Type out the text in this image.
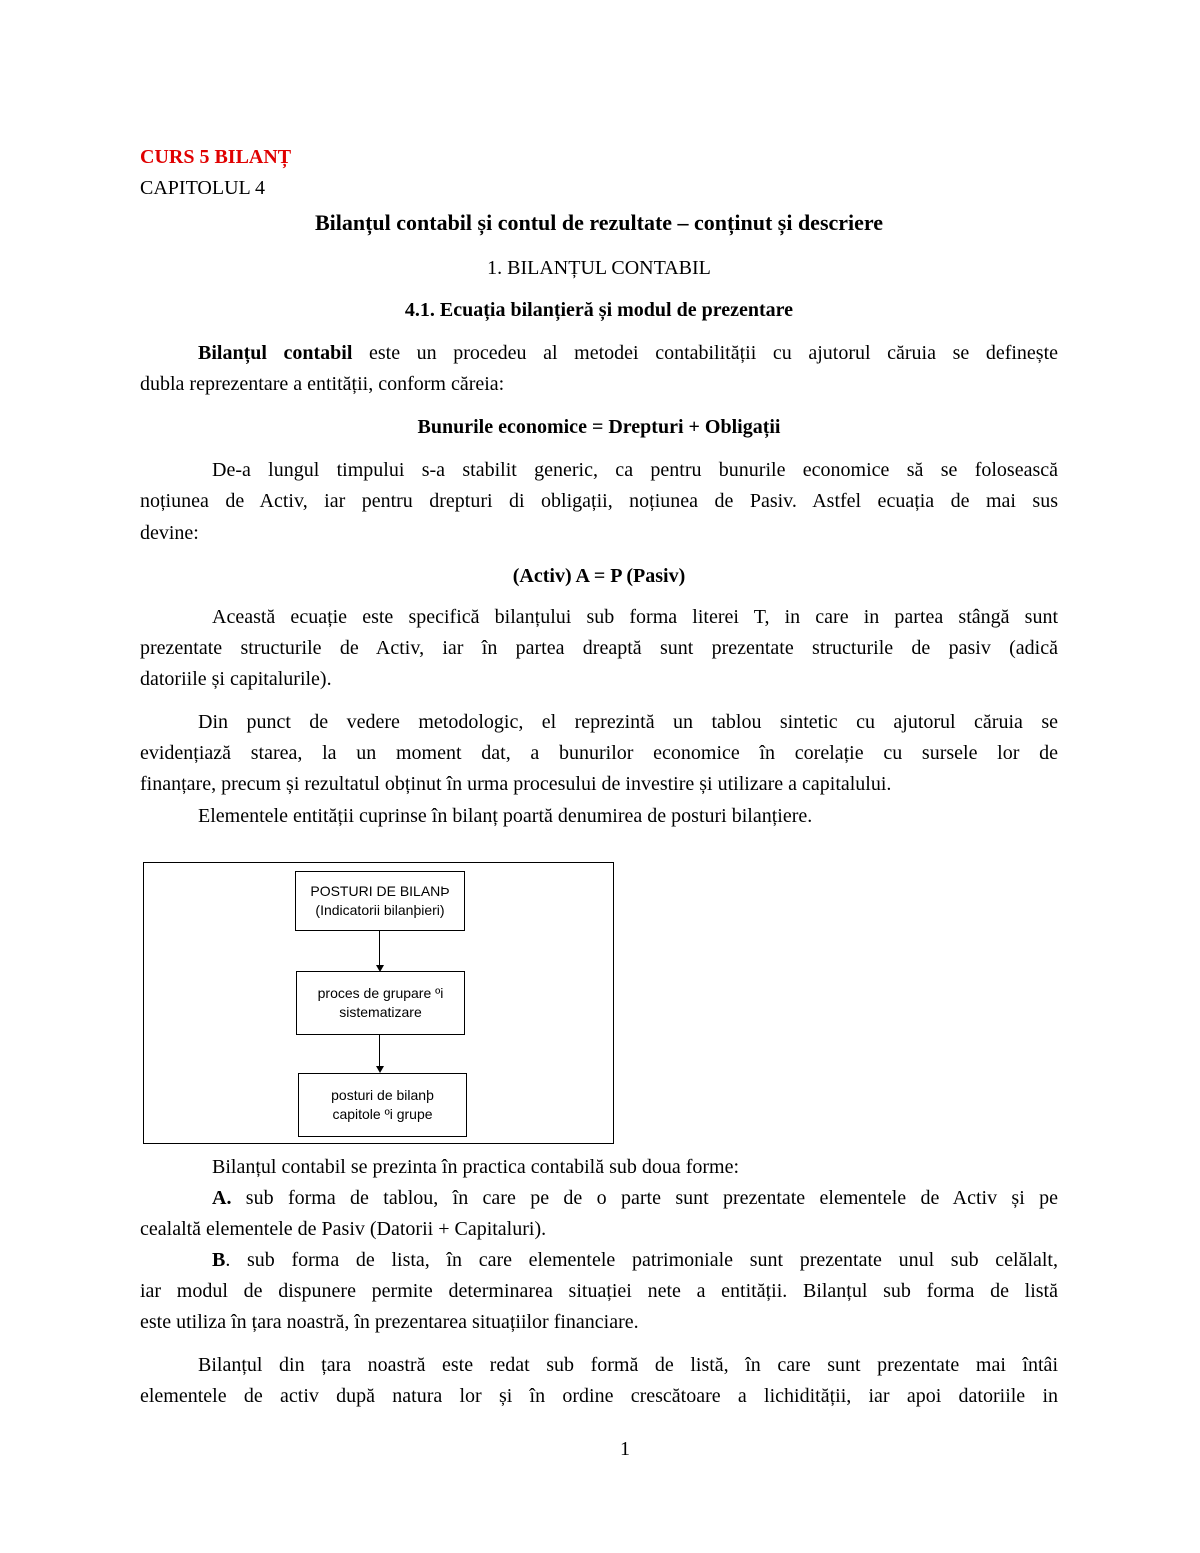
CURS 5 BILANȚ
CAPITOLUL 4
Bilanțul contabil și contul de rezultate – conținut și descriere
1. BILANȚUL CONTABIL
4.1. Ecuația bilanțieră și modul de prezentare
Bilanțul contabil este un procedeu al metodei contabilității cu ajutorul căruia se definește
dubla reprezentare a entității, conform căreia:
Bunurile economice = Drepturi + Obligații
De-a lungul timpului s-a stabilit generic, ca pentru bunurile economice să se folosească
noțiunea de Activ, iar pentru drepturi di obligații, noțiunea de Pasiv. Astfel ecuația de mai sus
devine:
(Activ) A = P (Pasiv)
Această ecuație este specifică bilanțului sub forma literei T, in care in partea stângă sunt
prezentate structurile de Activ, iar în partea dreaptă sunt prezentate structurile de pasiv (adică
datoriile și capitalurile).
Din punct de vedere metodologic, el reprezintă un tablou sintetic cu ajutorul căruia se
evidențiază starea, la un moment dat, a bunurilor economice în corelație cu sursele lor de
finanțare, precum și rezultatul obținut în urma procesului de investire și utilizare a capitalului.
Elementele entității cuprinse în bilanț poartă denumirea de posturi bilanțiere.
POSTURI DE BILANÞ
(Indicatorii bilanþieri)
proces de grupare ºi
sistematizare
posturi de bilanþ
capitole ºi grupe
Bilanțul contabil se prezinta în practica contabilă sub doua forme:
A. sub forma de tablou, în care pe de o parte sunt prezentate elementele de Activ și pe
cealaltă elementele de Pasiv (Datorii + Capitaluri).
B. sub forma de lista, în care elementele patrimoniale sunt prezentate unul sub celălalt,
iar modul de dispunere permite determinarea situației nete a entității. Bilanțul sub forma de listă
este utiliza în țara noastră, în prezentarea situațiilor financiare.
Bilanțul din țara noastră este redat sub formă de listă, în care sunt prezentate mai întâi
elementele de activ după natura lor și în ordine crescătoare a lichidității, iar apoi datoriile in
1
